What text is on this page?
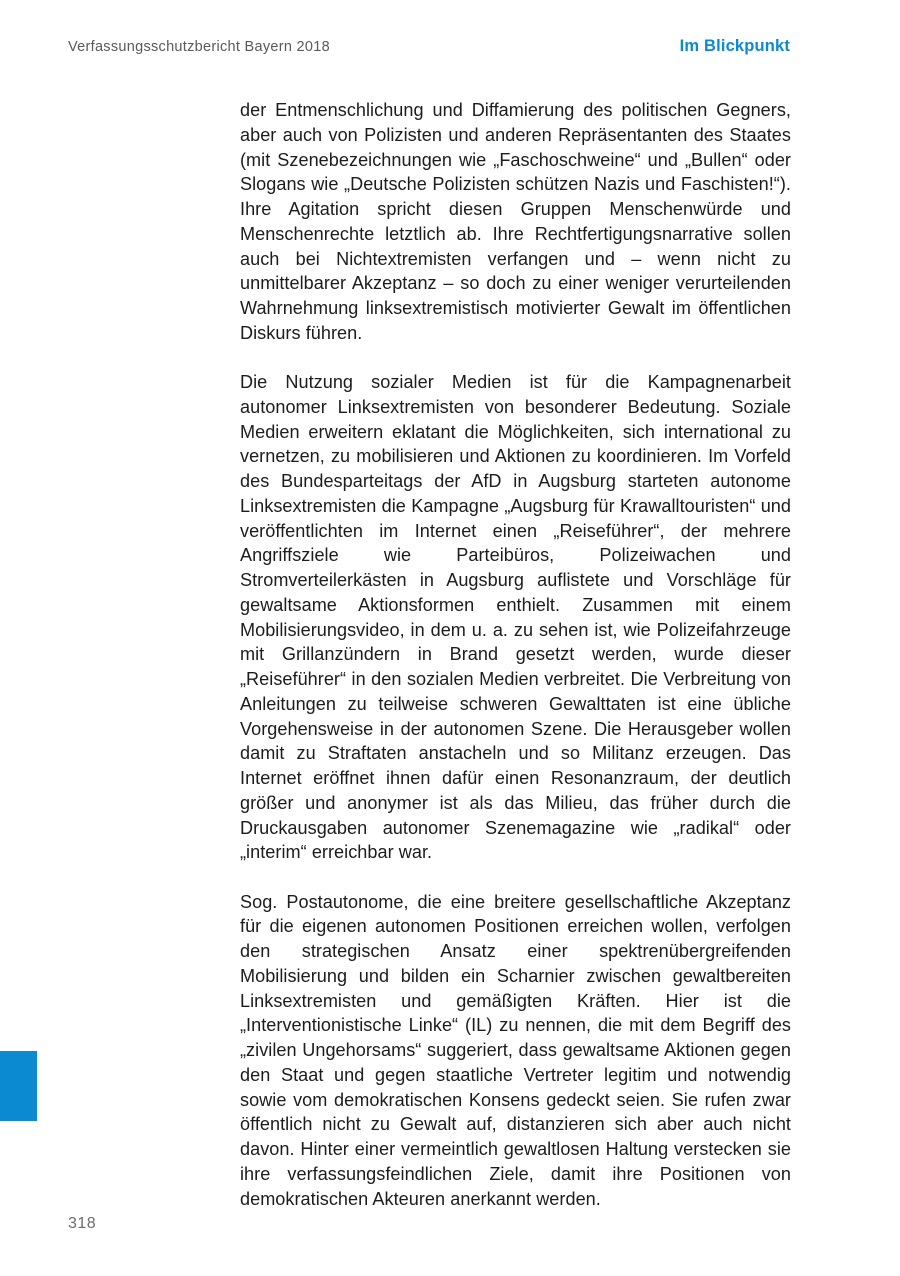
Verfassungsschutzbericht Bayern 2018	Im Blickpunkt

der Entmenschlichung und Diffamierung des politischen Gegners, aber auch von Polizisten und anderen Repräsentanten des Staates (mit Szenebezeichnungen wie „Faschoschweine“ und „Bullen“ oder Slogans wie „Deutsche Polizisten schützen Nazis und Faschisten!“). Ihre Agitation spricht diesen Gruppen Menschenwürde und Menschenrechte letztlich ab. Ihre Rechtfertigungsnarrative sollen auch bei Nichtextremisten verfangen und – wenn nicht zu unmittelbarer Akzeptanz – so doch zu einer weniger verurteilenden Wahrnehmung linksextremistisch motivierter Gewalt im öffentlichen Diskurs führen.

Die Nutzung sozialer Medien ist für die Kampagnenarbeit autonomer Linksextremisten von besonderer Bedeutung. Soziale Medien erweitern eklatant die Möglichkeiten, sich international zu vernetzen, zu mobilisieren und Aktionen zu koordinieren. Im Vorfeld des Bundesparteitags der AfD in Augsburg starteten autonome Linksextremisten die Kampagne „Augsburg für Krawalltouristen“ und veröffentlichten im Internet einen „Reiseführer“, der mehrere Angriffsziele wie Parteibüros, Polizeiwachen und Stromverteilerkästen in Augsburg auflistete und Vorschläge für gewaltsame Aktionsformen enthielt. Zusammen mit einem Mobilisierungsvideo, in dem u. a. zu sehen ist, wie Polizeifahrzeuge mit Grillanzündern in Brand gesetzt werden, wurde dieser „Reiseführer“ in den sozialen Medien verbreitet. Die Verbreitung von Anleitungen zu teilweise schweren Gewalttaten ist eine übliche Vorgehensweise in der autonomen Szene. Die Herausgeber wollen damit zu Straftaten anstacheln und so Militanz erzeugen. Das Internet eröffnet ihnen dafür einen Resonanzraum, der deutlich größer und anonymer ist als das Milieu, das früher durch die Druckausgaben autonomer Szenemagazine wie „radikal“ oder „interim“ erreichbar war.

Sog. Postautonome, die eine breitere gesellschaftliche Akzeptanz für die eigenen autonomen Positionen erreichen wollen, verfolgen den strategischen Ansatz einer spektrenübergreifenden Mobilisierung und bilden ein Scharnier zwischen gewaltbereiten Linksextremisten und gemäßigten Kräften. Hier ist die „Interventionistische Linke“ (IL) zu nennen, die mit dem Begriff des „zivilen Ungehorsams“ suggeriert, dass gewaltsame Aktionen gegen den Staat und gegen staatliche Vertreter legitim und notwendig sowie vom demokratischen Konsens gedeckt seien. Sie rufen zwar öffentlich nicht zu Gewalt auf, distanzieren sich aber auch nicht davon. Hinter einer vermeintlich gewaltlosen Haltung verstecken sie ihre verfassungsfeindlichen Ziele, damit ihre Positionen von demokratischen Akteuren anerkannt werden.

318
